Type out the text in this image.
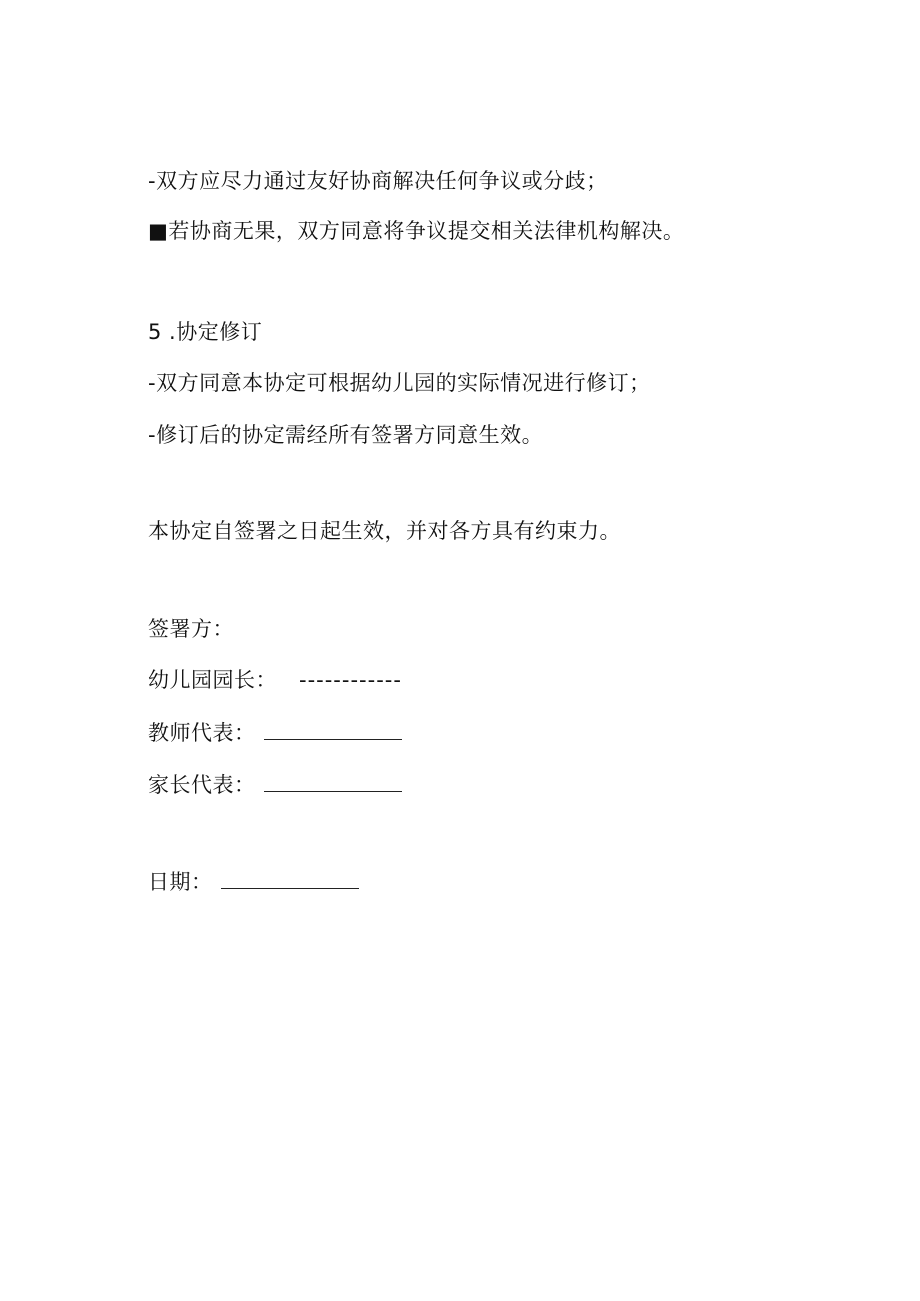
-双方应尽力通过友好协商解决任何争议或分歧；
■若协商无果，双方同意将争议提交相关法律机构解决。
5 .协定修订
-双方同意本协定可根据幼儿园的实际情况进行修订；
-修订后的协定需经所有签署方同意生效。
本协定自签署之日起生效，并对各方具有约束力。
签署方：
幼儿园园长： ------------
教师代表：
家长代表：
日期：
